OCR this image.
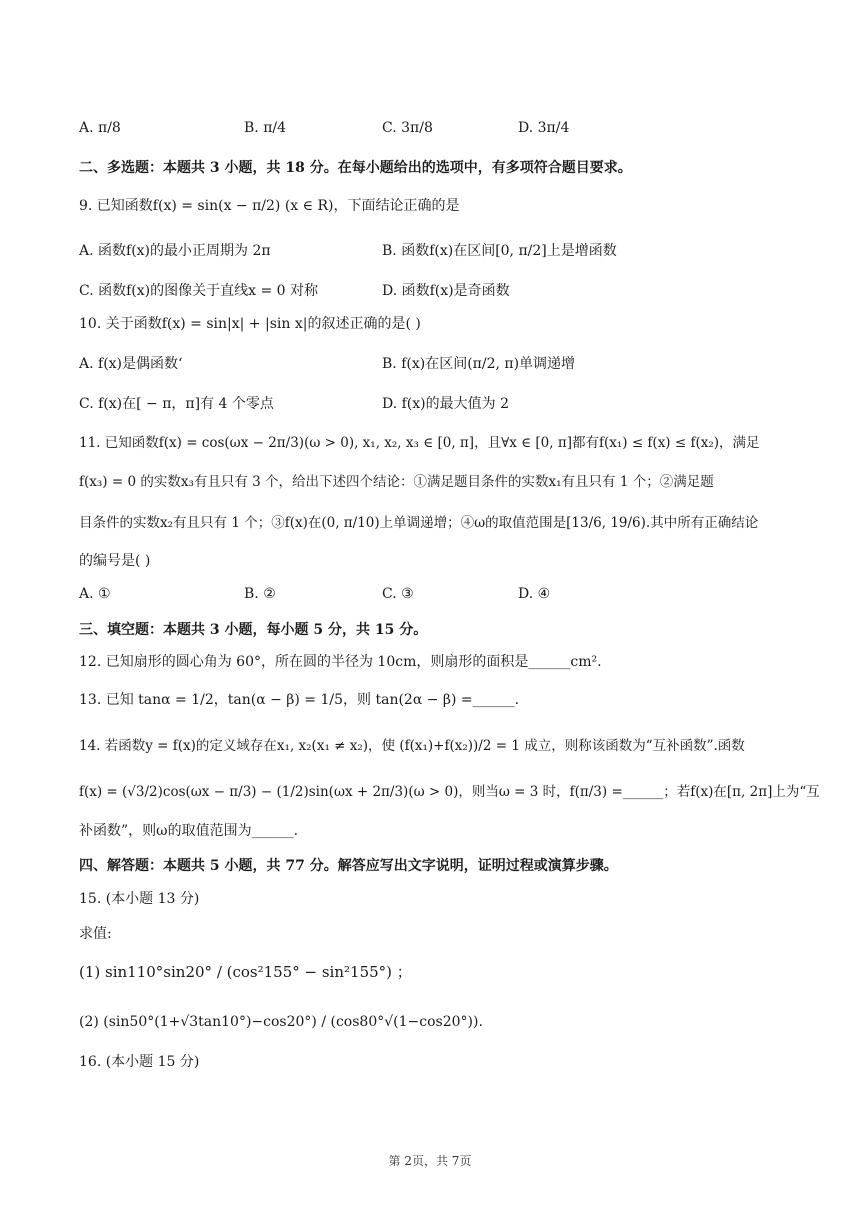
A. π/8	B. π/4	C. 3π/8	D. 3π/4
二、多选题：本题共 3 小题，共 18 分。在每小题给出的选项中，有多项符合题目要求。
9. 已知函数f(x) = sin(x − π/2) (x ∈ R)，下面结论正确的是
A. 函数f(x)的最小正周期为 2π	B. 函数f(x)在区间[0, π/2]上是增函数
C. 函数f(x)的图像关于直线x = 0 对称	D. 函数f(x)是奇函数
10. 关于函数f(x) = sin|x| + |sin x|的叙述正确的是( )
A. f(x)是偶函数‘	B. f(x)在区间(π/2, π)单调递增
C. f(x)在[ − π，π]有 4 个零点	D. f(x)的最大值为 2
11. 已知函数f(x) = cos(ωx − 2π/3)(ω > 0), x₁, x₂, x₃ ∈ [0, π]，且∀x ∈ [0, π]都有f(x₁) ≤ f(x) ≤ f(x₂)，满足
f(x₃) = 0 的实数x₃有且只有 3 个，给出下述四个结论：①满足题目条件的实数x₁有且只有 1 个；②满足题
目条件的实数x₂有且只有 1 个；③f(x)在(0, π/10)上单调递增；④ω的取值范围是[13/6, 19/6).其中所有正确结论
的编号是( )
A. ①	B. ②	C. ③	D. ④
三、填空题：本题共 3 小题，每小题 5 分，共 15 分。
12. 已知扇形的圆心角为 60°，所在圆的半径为 10cm，则扇形的面积是______cm².
13. 已知 tanα = 1/2，tan(α − β) = 1/5，则 tan(2α − β) =______.
14. 若函数y = f(x)的定义域存在x₁, x₂(x₁ ≠ x₂)，使 (f(x₁)+f(x₂))/2 = 1 成立，则称该函数为“互补函数”.函数
f(x) = (√3/2)cos(ωx − π/3) − (1/2)sin(ωx + 2π/3)(ω > 0)，则当ω = 3 时，f(π/3) =______；若f(x)在[π, 2π]上为“互
补函数”，则ω的取值范围为______.
四、解答题：本题共 5 小题，共 77 分。解答应写出文字说明，证明过程或演算步骤。
15. (本小题 13 分)
求值:
(1) sin110°sin20° / (cos²155° − sin²155°) ；
(2) (sin50°(1+√3tan10°)−cos20°) / (cos80°√(1−cos20°)).
16. (本小题 15 分)
第 2页，共 7页
